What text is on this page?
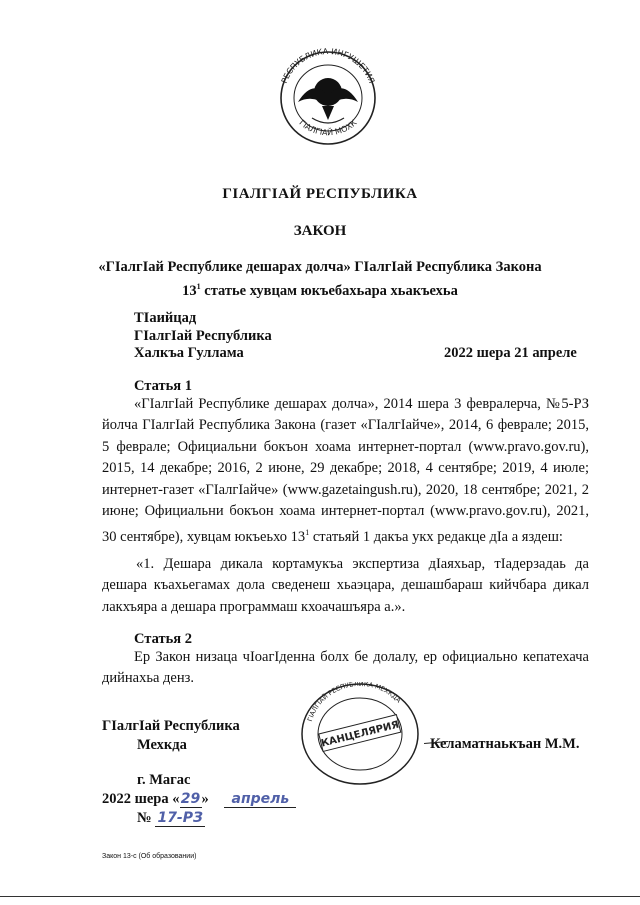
РЕСПУБЛИКА ИНГУШЕТИЯ
ГIАЛГIАЙ МОХК
ГIАЛГIАЙ РЕСПУБЛИКА
ЗАКОН
«ГIалгIай Республике дешарах долча» ГIалгIай Республика Закона
$13^1$ статье хувцам юкъебахьара хьакъехьа
ТIаийцад
ГIалгIай Республика
Халкъа Гуллама	2022 шера 21 апреле
Статья 1
«ГIалгIай Республике дешарах долча», 2014 шера 3 февралерча, №5-РЗ йолча ГIалгIай Республика Закона (газет «ГIалгIайче», 2014, 6 феврале; 2015, 5 феврале; Официальни бокъон хоама интернет-портал (www.pravo.gov.ru), 2015, 14 декабре; 2016, 2 июне, 29 декабре; 2018, 4 сентябре; 2019, 4 июле; интернет-газет «ГIалгIайче» (www.gazetaingush.ru), 2020, 18 сентябре; 2021, 2 июне; Официальни бокъон хоама интернет-портал (www.pravo.gov.ru), 2021, 30 сентябре), хувцам юкъеьхо $13^1$ статьяй 1 дакъа укх редакце дIа а яздеш:
«1. Дешара дикала кортамукъа экспертиза дIаяхьар, тIадерзадаь да дешара къахьегамах дола сведенеш хьаэцара, дешашбараш кийчбара дикал лакхъяра а дешара программаш кхоачашъяра а.».
Статья 2
Ер Закон низаца чIоагIденна болх бе долалу, ер официально кепатехача дийнахьа денз.
ГIалгIай Республика
Мехкда	Келаматнаькъан М.М.
ГIАЛГIАЙ РЕСПУБЛИКА МЕХКДА
КАНЦЕЛЯРИЯ
г. Магас
2022 шера «29» апрель
№ 17-РЗ
Закон 13-с (Об образовании)
